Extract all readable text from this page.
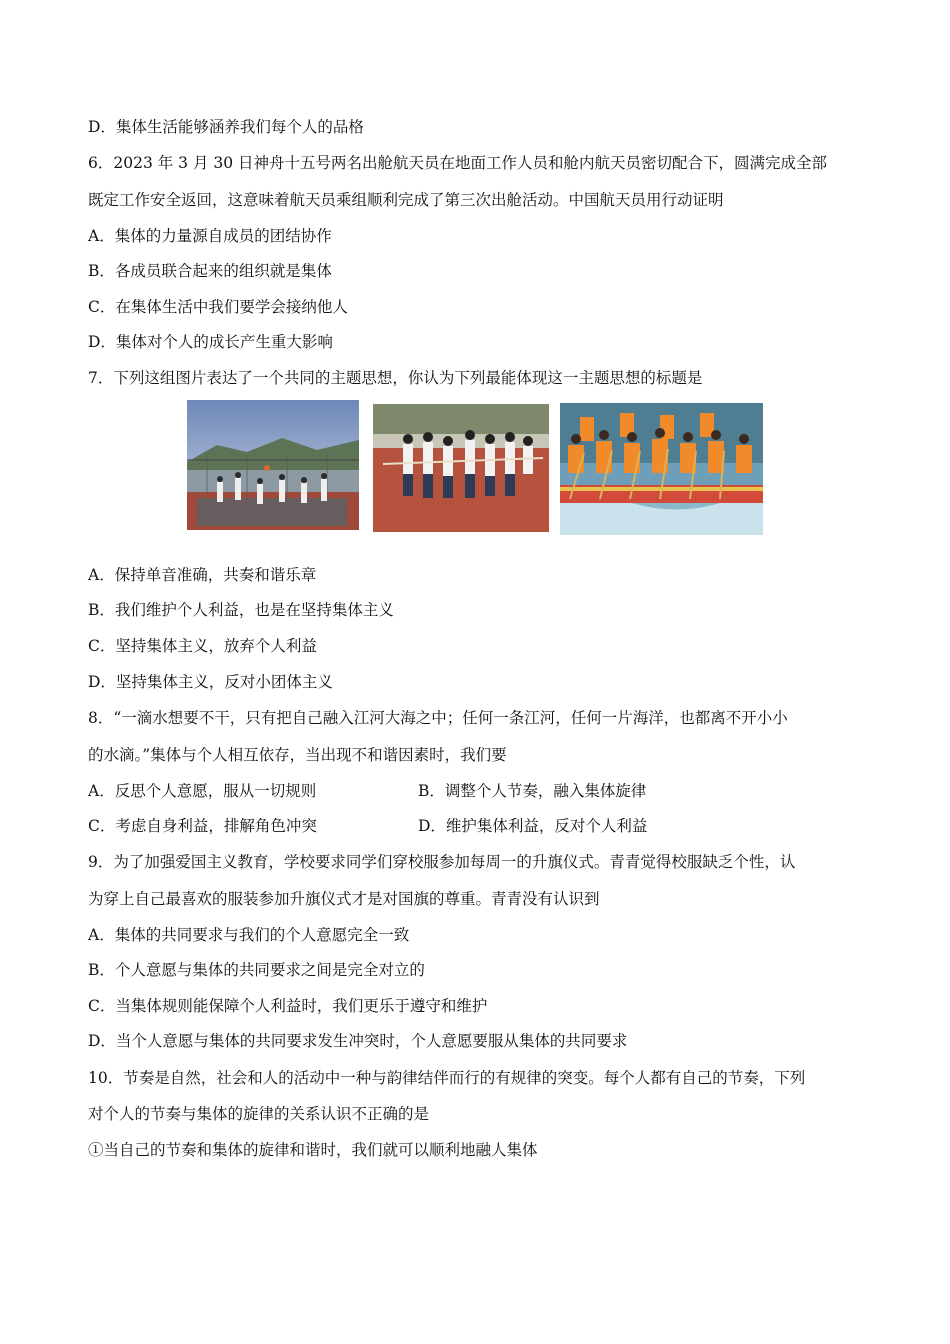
D．集体生活能够涵养我们每个人的品格
6．2023 年 3 月 30 日神舟十五号两名出舱航天员在地面工作人员和舱内航天员密切配合下，圆满完成全部
既定工作安全返回，这意味着航天员乘组顺利完成了第三次出舱活动。中国航天员用行动证明
A．集体的力量源自成员的团结协作
B．各成员联合起来的组织就是集体
C．在集体生活中我们要学会接纳他人
D．集体对个人的成长产生重大影响
7．下列这组图片表达了一个共同的主题思想，你认为下列最能体现这一主题思想的标题是
A．保持单音准确，共奏和谐乐章
B．我们维护个人利益，也是在坚持集体主义
C．坚持集体主义，放弃个人利益
D．坚持集体主义，反对小团体主义
8．“一滴水想要不干，只有把自己融入江河大海之中；任何一条江河，任何一片海洋，也都离不开小小
的水滴。”集体与个人相互依存，当出现不和谐因素时，我们要
A．反思个人意愿，服从一切规则	B．调整个人节奏，融入集体旋律
C．考虑自身利益，排解角色冲突	D．维护集体利益，反对个人利益
9．为了加强爱国主义教育，学校要求同学们穿校服参加每周一的升旗仪式。青青觉得校服缺乏个性，认
为穿上自己最喜欢的服装参加升旗仪式才是对国旗的尊重。青青没有认识到
A．集体的共同要求与我们的个人意愿完全一致
B．个人意愿与集体的共同要求之间是完全对立的
C．当集体规则能保障个人利益时，我们更乐于遵守和维护
D．当个人意愿与集体的共同要求发生冲突时，个人意愿要服从集体的共同要求
10．节奏是自然，社会和人的活动中一种与韵律结伴而行的有规律的突变。每个人都有自己的节奏，下列
对个人的节奏与集体的旋律的关系认识不正确的是
①当自己的节奏和集体的旋律和谐时，我们就可以顺利地融人集体
